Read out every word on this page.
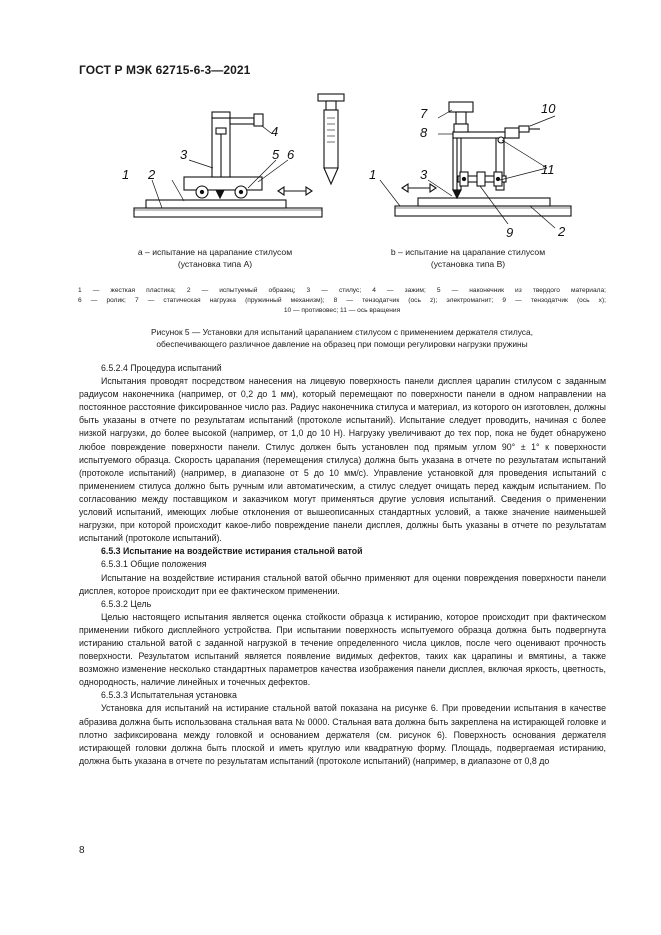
ГОСТ Р МЭК 62715-6-3—2021
1 2
3
4
5 6
1
2
3
7
8
9
10
11
a – испытание на царапание стилусом
(установка типа А)
b – испытание на царапание стилусом
(установка типа В)
1 — жесткая пластика; 2 — испытуемый образец; 3 — стилус; 4 — зажим; 5 — наконечник из твердого материала;
6 — ролик; 7 — статическая нагрузка (пружинный механизм); 8 — тензодатчик (ось z); электромагнит; 9 — тензодатчик (ось x);
10 — противовес; 11 — ось вращения
Рисунок 5 — Установки для испытаний царапанием стилусом с применением держателя стилуса,
обеспечивающего различное давление на образец при помощи регулировки нагрузки пружины

6.5.2.4 Процедура испытаний

Испытания проводят посредством нанесения на лицевую поверхность панели дисплея царапин стилусом с заданным радиусом наконечника (например, от 0,2 до 1 мм), который перемещают по поверхности панели в одном направлении на постоянное расстояние фиксированное число раз. Радиус наконечника стилуса и материал, из которого он изготовлен, должны быть указаны в отчете по результатам испытаний (протоколе испытаний). Испытание следует проводить, начиная с более низкой нагрузки, до более высокой (например, от 1,0 до 10 Н). Нагрузку увеличивают до тех пор, пока не будет обнаружено любое повреждение поверхности панели. Стилус должен быть установлен под прямым углом 90° ± 1° к поверхности испытуемого образца. Скорость царапания (перемещения стилуса) должна быть указана в отчете по результатам испытаний (протоколе испытаний) (например, в диапазоне от 5 до 10 мм/с). Управление установкой для проведения испытаний с применением стилуса должно быть ручным или автоматическим, а стилус следует очищать перед каждым испытанием. По согласованию между поставщиком и заказчиком могут применяться другие условия испытаний. Сведения о применении условий испытаний, имеющих любые отклонения от вышеописанных стандартных условий, а также значение наименьшей нагрузки, при которой происходит какое-либо повреждение панели дисплея, должны быть указаны в отчете по результатам испытаний (протоколе испытаний).

6.5.3 Испытание на воздействие истирания стальной ватой

6.5.3.1 Общие положения

Испытание на воздействие истирания стальной ватой обычно применяют для оценки повреждения поверхности панели дисплея, которое происходит при ее фактическом применении.

6.5.3.2 Цель

Целью настоящего испытания является оценка стойкости образца к истиранию, которое происходит при фактическом применении гибкого дисплейного устройства. При испытании поверхность испытуемого образца должна быть подвергнута истиранию стальной ватой с заданной нагрузкой в течение определенного числа циклов, после чего оценивают прочность поверхности. Результатом испытаний является появление видимых дефектов, таких как царапины и вмятины, а также возможно изменение несколько стандартных параметров качества изображения панели дисплея, включая яркость, цветность, однородность, наличие линейных и точечных дефектов.

6.5.3.3 Испытательная установка

Установка для испытаний на истирание стальной ватой показана на рисунке 6. При проведении испытания в качестве абразива должна быть использована стальная вата № 0000. Стальная вата должна быть закреплена на истирающей головке и плотно зафиксирована между головкой и основанием держателя (см. рисунок 6). Поверхность основания держателя истирающей головки должна быть плоской и иметь круглую или квадратную форму. Площадь, подвергаемая истиранию, должна быть указана в отчете по результатам испытаний (протоколе испытаний) (например, в диапазоне от 0,8 до

8
